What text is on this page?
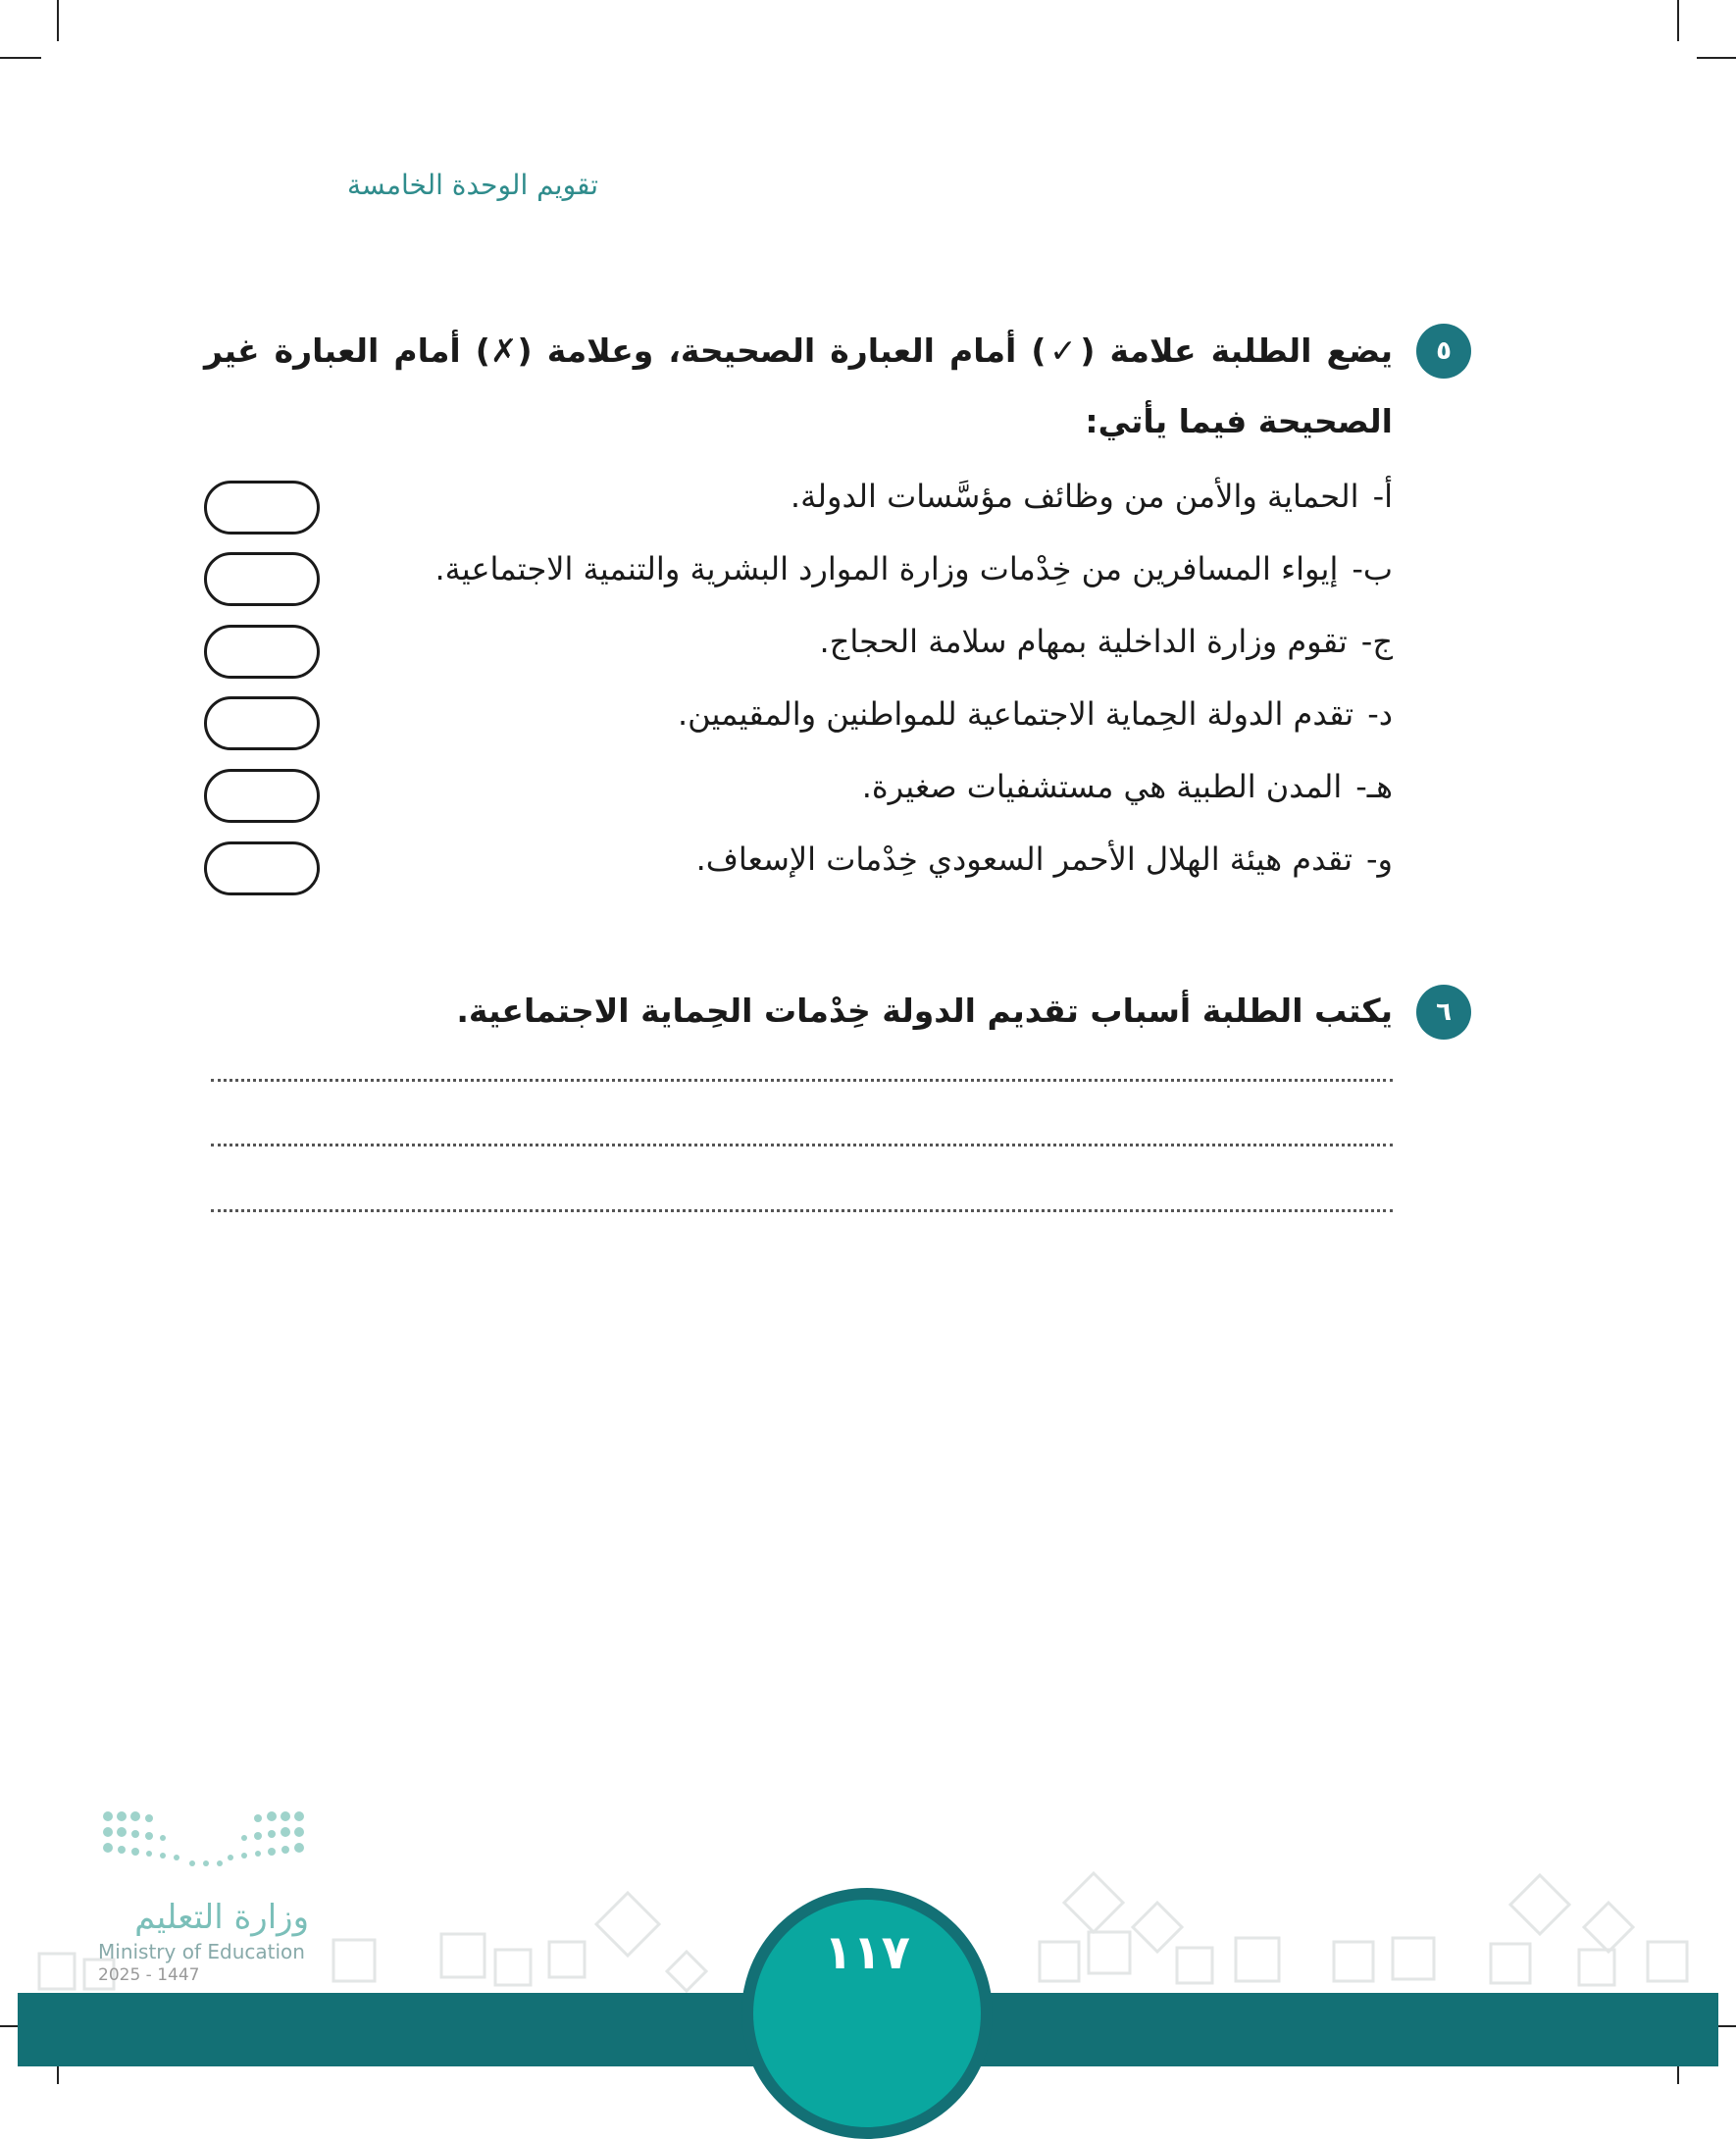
تقويم الوحدة الخامسة
٥
يضع الطلبة علامة (✓) أمام العبارة الصحيحة، وعلامة (✗) أمام العبارة غير الصحيحة فيما يأتي:
أ-
الحماية والأمن من وظائف مؤسَّسات الدولة.
ب-
إيواء المسافرين من خِدْمات وزارة الموارد البشرية والتنمية الاجتماعية.
ج-
تقوم وزارة الداخلية بمهام سلامة الحجاج.
د-
تقدم الدولة الحِماية الاجتماعية للمواطنين والمقيمين.
هـ-
المدن الطبية هي مستشفيات صغيرة.
و-
تقدم هيئة الهلال الأحمر السعودي خِدْمات الإسعاف.
٦
يكتب الطلبة أسباب تقديم الدولة خِدْمات الحِماية الاجتماعية.
١١٧
وزارة التعليم
Ministry of Education
2025 - 1447
